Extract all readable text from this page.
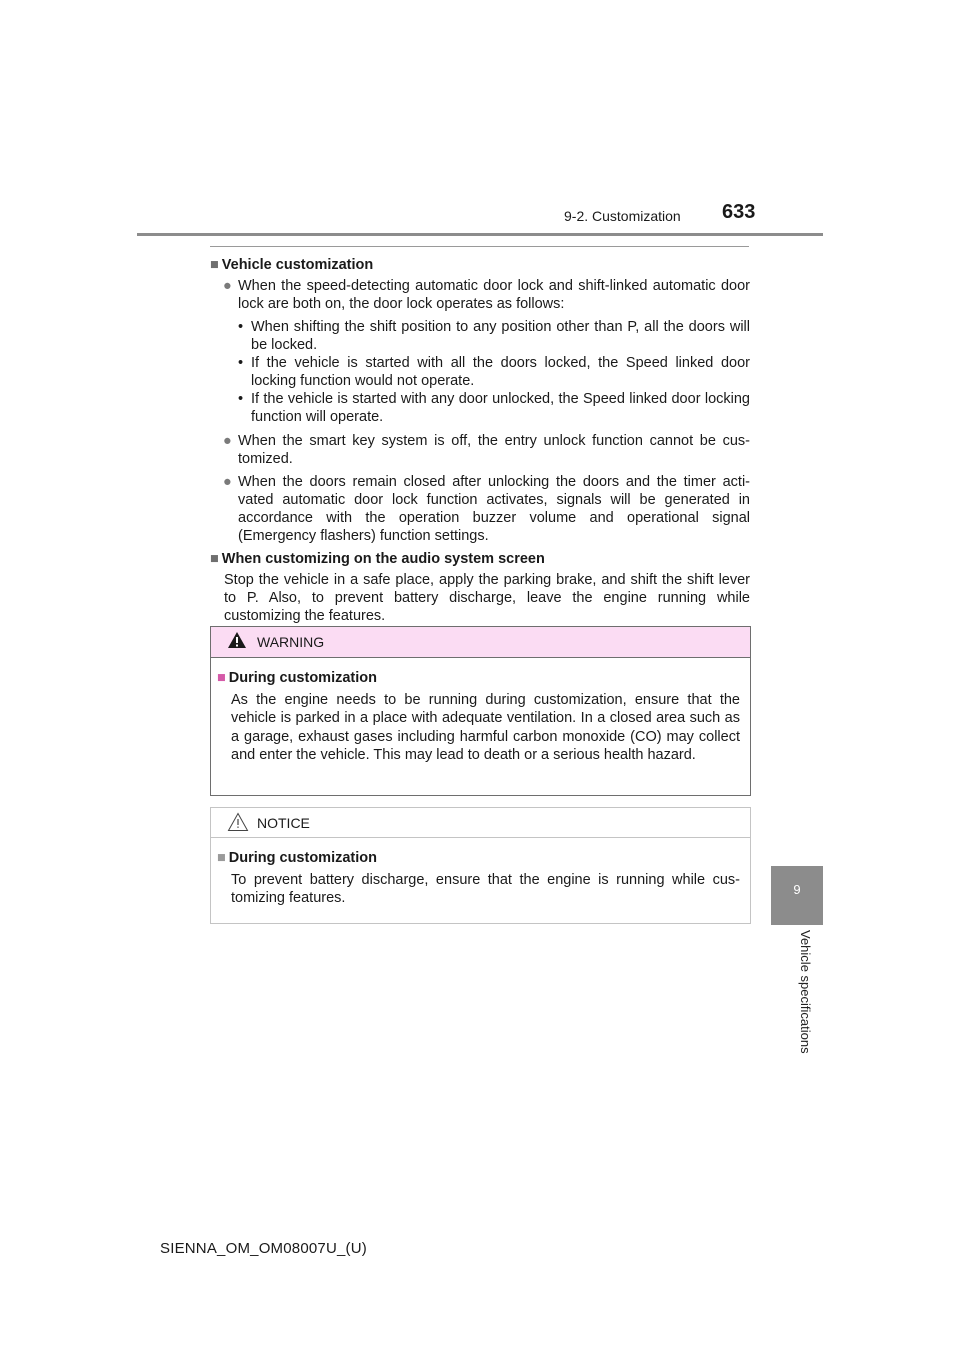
9-2. Customization 633
9
Vehicle specifications
■ Vehicle customization
● When the speed-detecting automatic door lock and shift-linked automatic door lock are both on, the door lock operates as follows:
• When shifting the shift position to any position other than P, all the doors will be locked.
• If the vehicle is started with all the doors locked, the Speed linked door locking function would not operate.
• If the vehicle is started with any door unlocked, the Speed linked door locking function will operate.
● When the smart key system is off, the entry unlock function cannot be cus- tomized.
● When the doors remain closed after unlocking the doors and the timer acti- vated automatic door lock function activates, signals will be generated in accordance with the operation buzzer volume and operational signal (Emergency flashers) function settings.
■ When customizing on the audio system screen
Stop the vehicle in a safe place, apply the parking brake, and shift the shift lever to P. Also, to prevent battery discharge, leave the engine running while customizing the features.
WARNING
■ During customization
As the engine needs to be running during customization, ensure that the vehicle is parked in a place with adequate ventilation. In a closed area such as a garage, exhaust gases including harmful carbon monoxide (CO) may collect and enter the vehicle. This may lead to death or a serious health hazard.
NOTICE
■ During customization
To prevent battery discharge, ensure that the engine is running while cus- tomizing features.
SIENNA_OM_OM08007U_(U)
